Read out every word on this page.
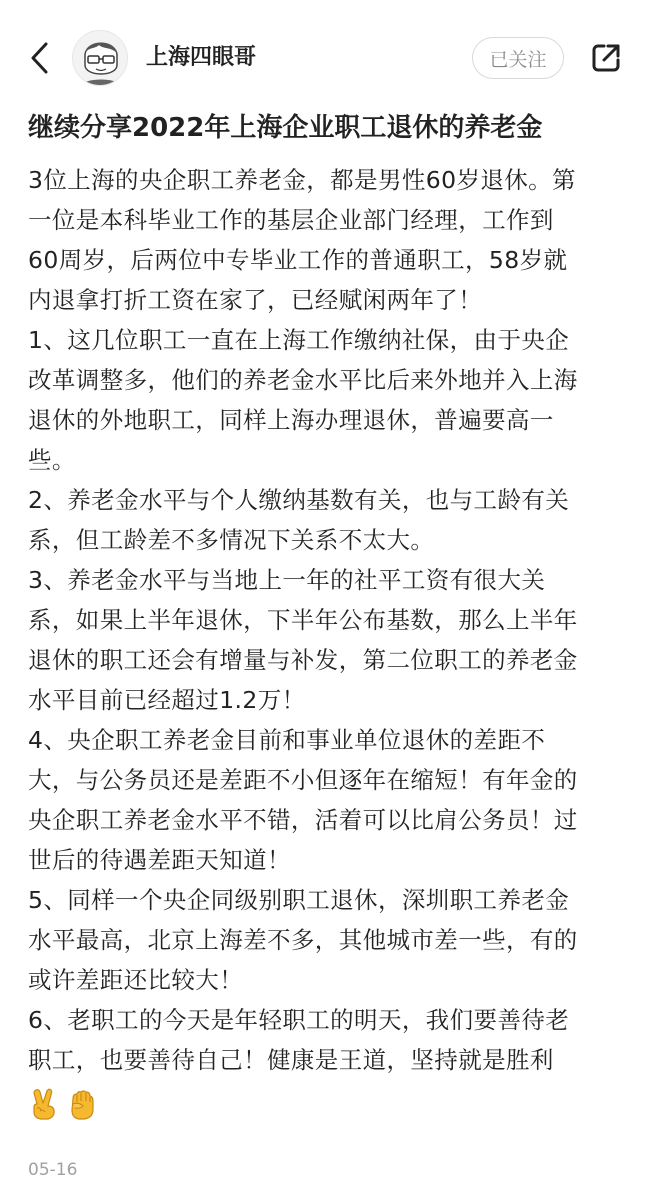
上海四眼哥	已关注
继续分享2022年上海企业职工退休的养老金
3位上海的央企职工养老金，都是男性60岁退休。第
一位是本科毕业工作的基层企业部门经理，工作到
60周岁，后两位中专毕业工作的普通职工，58岁就
内退拿打折工资在家了，已经赋闲两年了！
1、这几位职工一直在上海工作缴纳社保，由于央企
改革调整多，他们的养老金水平比后来外地并入上海
退休的外地职工，同样上海办理退休，普遍要高一
些。
2、养老金水平与个人缴纳基数有关，也与工龄有关
系，但工龄差不多情况下关系不太大。
3、养老金水平与当地上一年的社平工资有很大关
系，如果上半年退休，下半年公布基数，那么上半年
退休的职工还会有增量与补发，第二位职工的养老金
水平目前已经超过1.2万！
4、央企职工养老金目前和事业单位退休的差距不
大，与公务员还是差距不小但逐年在缩短！有年金的
央企职工养老金水平不错，活着可以比肩公务员！过
世后的待遇差距天知道！
5、同样一个央企同级别职工退休，深圳职工养老金
水平最高，北京上海差不多，其他城市差一些，有的
或许差距还比较大！
6、老职工的今天是年轻职工的明天，我们要善待老
职工，也要善待自己！健康是王道，坚持就是胜利
05-16
